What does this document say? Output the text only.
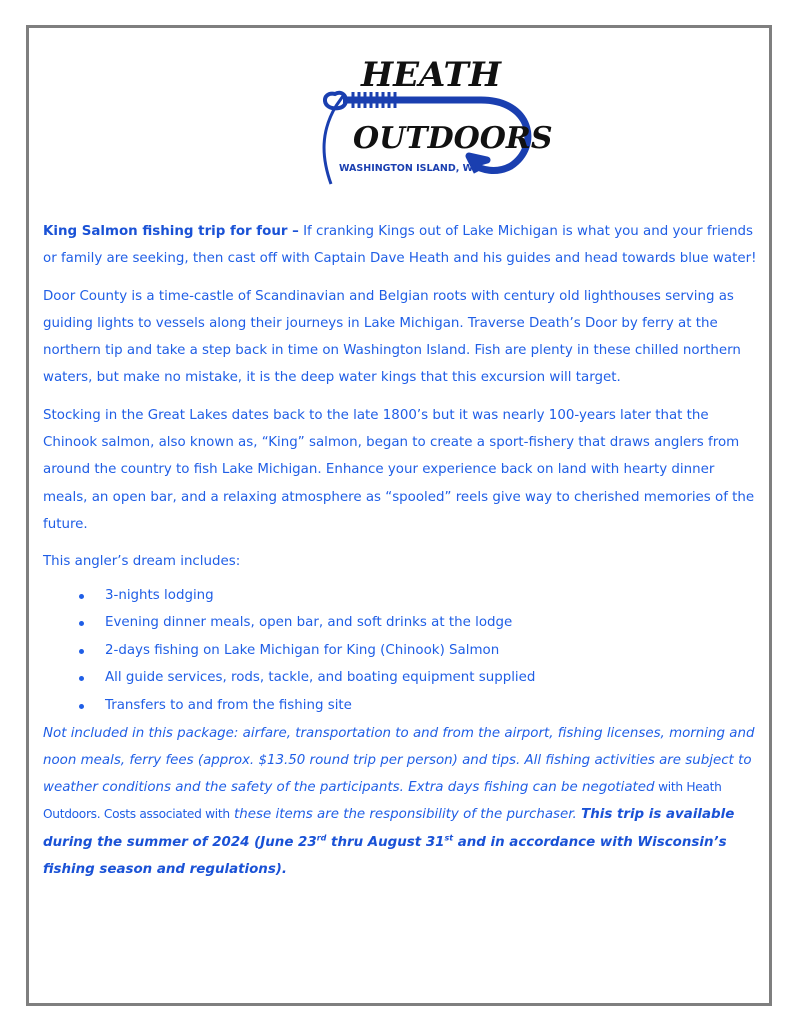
HEATH
OUTDOORS
WASHINGTON ISLAND, WI

King Salmon fishing trip for four – If cranking Kings out of Lake Michigan is what you and your friends or family are seeking, then cast off with Captain Dave Heath and his guides and head towards blue water!

Door County is a time-castle of Scandinavian and Belgian roots with century old lighthouses serving as guiding lights to vessels along their journeys in Lake Michigan. Traverse Death’s Door by ferry at the northern tip and take a step back in time on Washington Island. Fish are plenty in these chilled northern waters, but make no mistake, it is the deep water kings that this excursion will target.

Stocking in the Great Lakes dates back to the late 1800’s but it was nearly 100-years later that the Chinook salmon, also known as, “King” salmon, began to create a sport-fishery that draws anglers from around the country to fish Lake Michigan. Enhance your experience back on land with hearty dinner meals, an open bar, and a relaxing atmosphere as “spooled” reels give way to cherished memories of the future.

This angler’s dream includes:

3-nights lodging
Evening dinner meals, open bar, and soft drinks at the lodge
2-days fishing on Lake Michigan for King (Chinook) Salmon
All guide services, rods, tackle, and boating equipment supplied
Transfers to and from the fishing site

Not included in this package: airfare, transportation to and from the airport, fishing licenses, morning and noon meals, ferry fees (approx. $13.50 round trip per person) and tips. All fishing activities are subject to weather conditions and the safety of the participants. Extra days fishing can be negotiated with Heath Outdoors. Costs associated with these items are the responsibility of the purchaser. This trip is available during the summer of 2024 (June 23rd thru August 31st and in accordance with Wisconsin’s fishing season and regulations).
